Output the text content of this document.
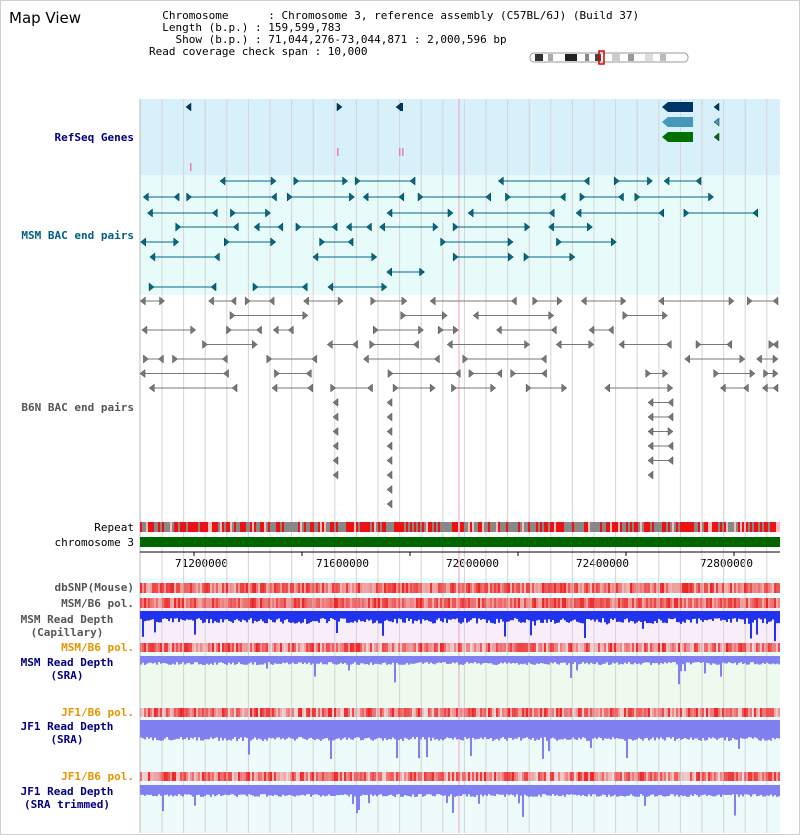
Map View	Chromosome      : Chromosome 3, reference assembly (C57BL/6J) (Build 37)
Length (b.p.) : 159,599,783
Show (b.p.) : 71,044,276-73,044,871 : 2,000,596 bp
Read coverage check span : 10,000
RefSeq Genes
MSM BAC end pairs
B6N BAC end pairs
Repeat
chromosome 3
dbSNP(Mouse)
MSM/B6 pol.
MSM Read Depth
(Capillary)
MSM/B6 pol.
MSM Read Depth
(SRA)
JF1/B6 pol.
JF1 Read Depth
(SRA)
JF1/B6 pol.
JF1 Read Depth
(SRA trimmed)
71200000	71600000	72000000	72400000	72800000
